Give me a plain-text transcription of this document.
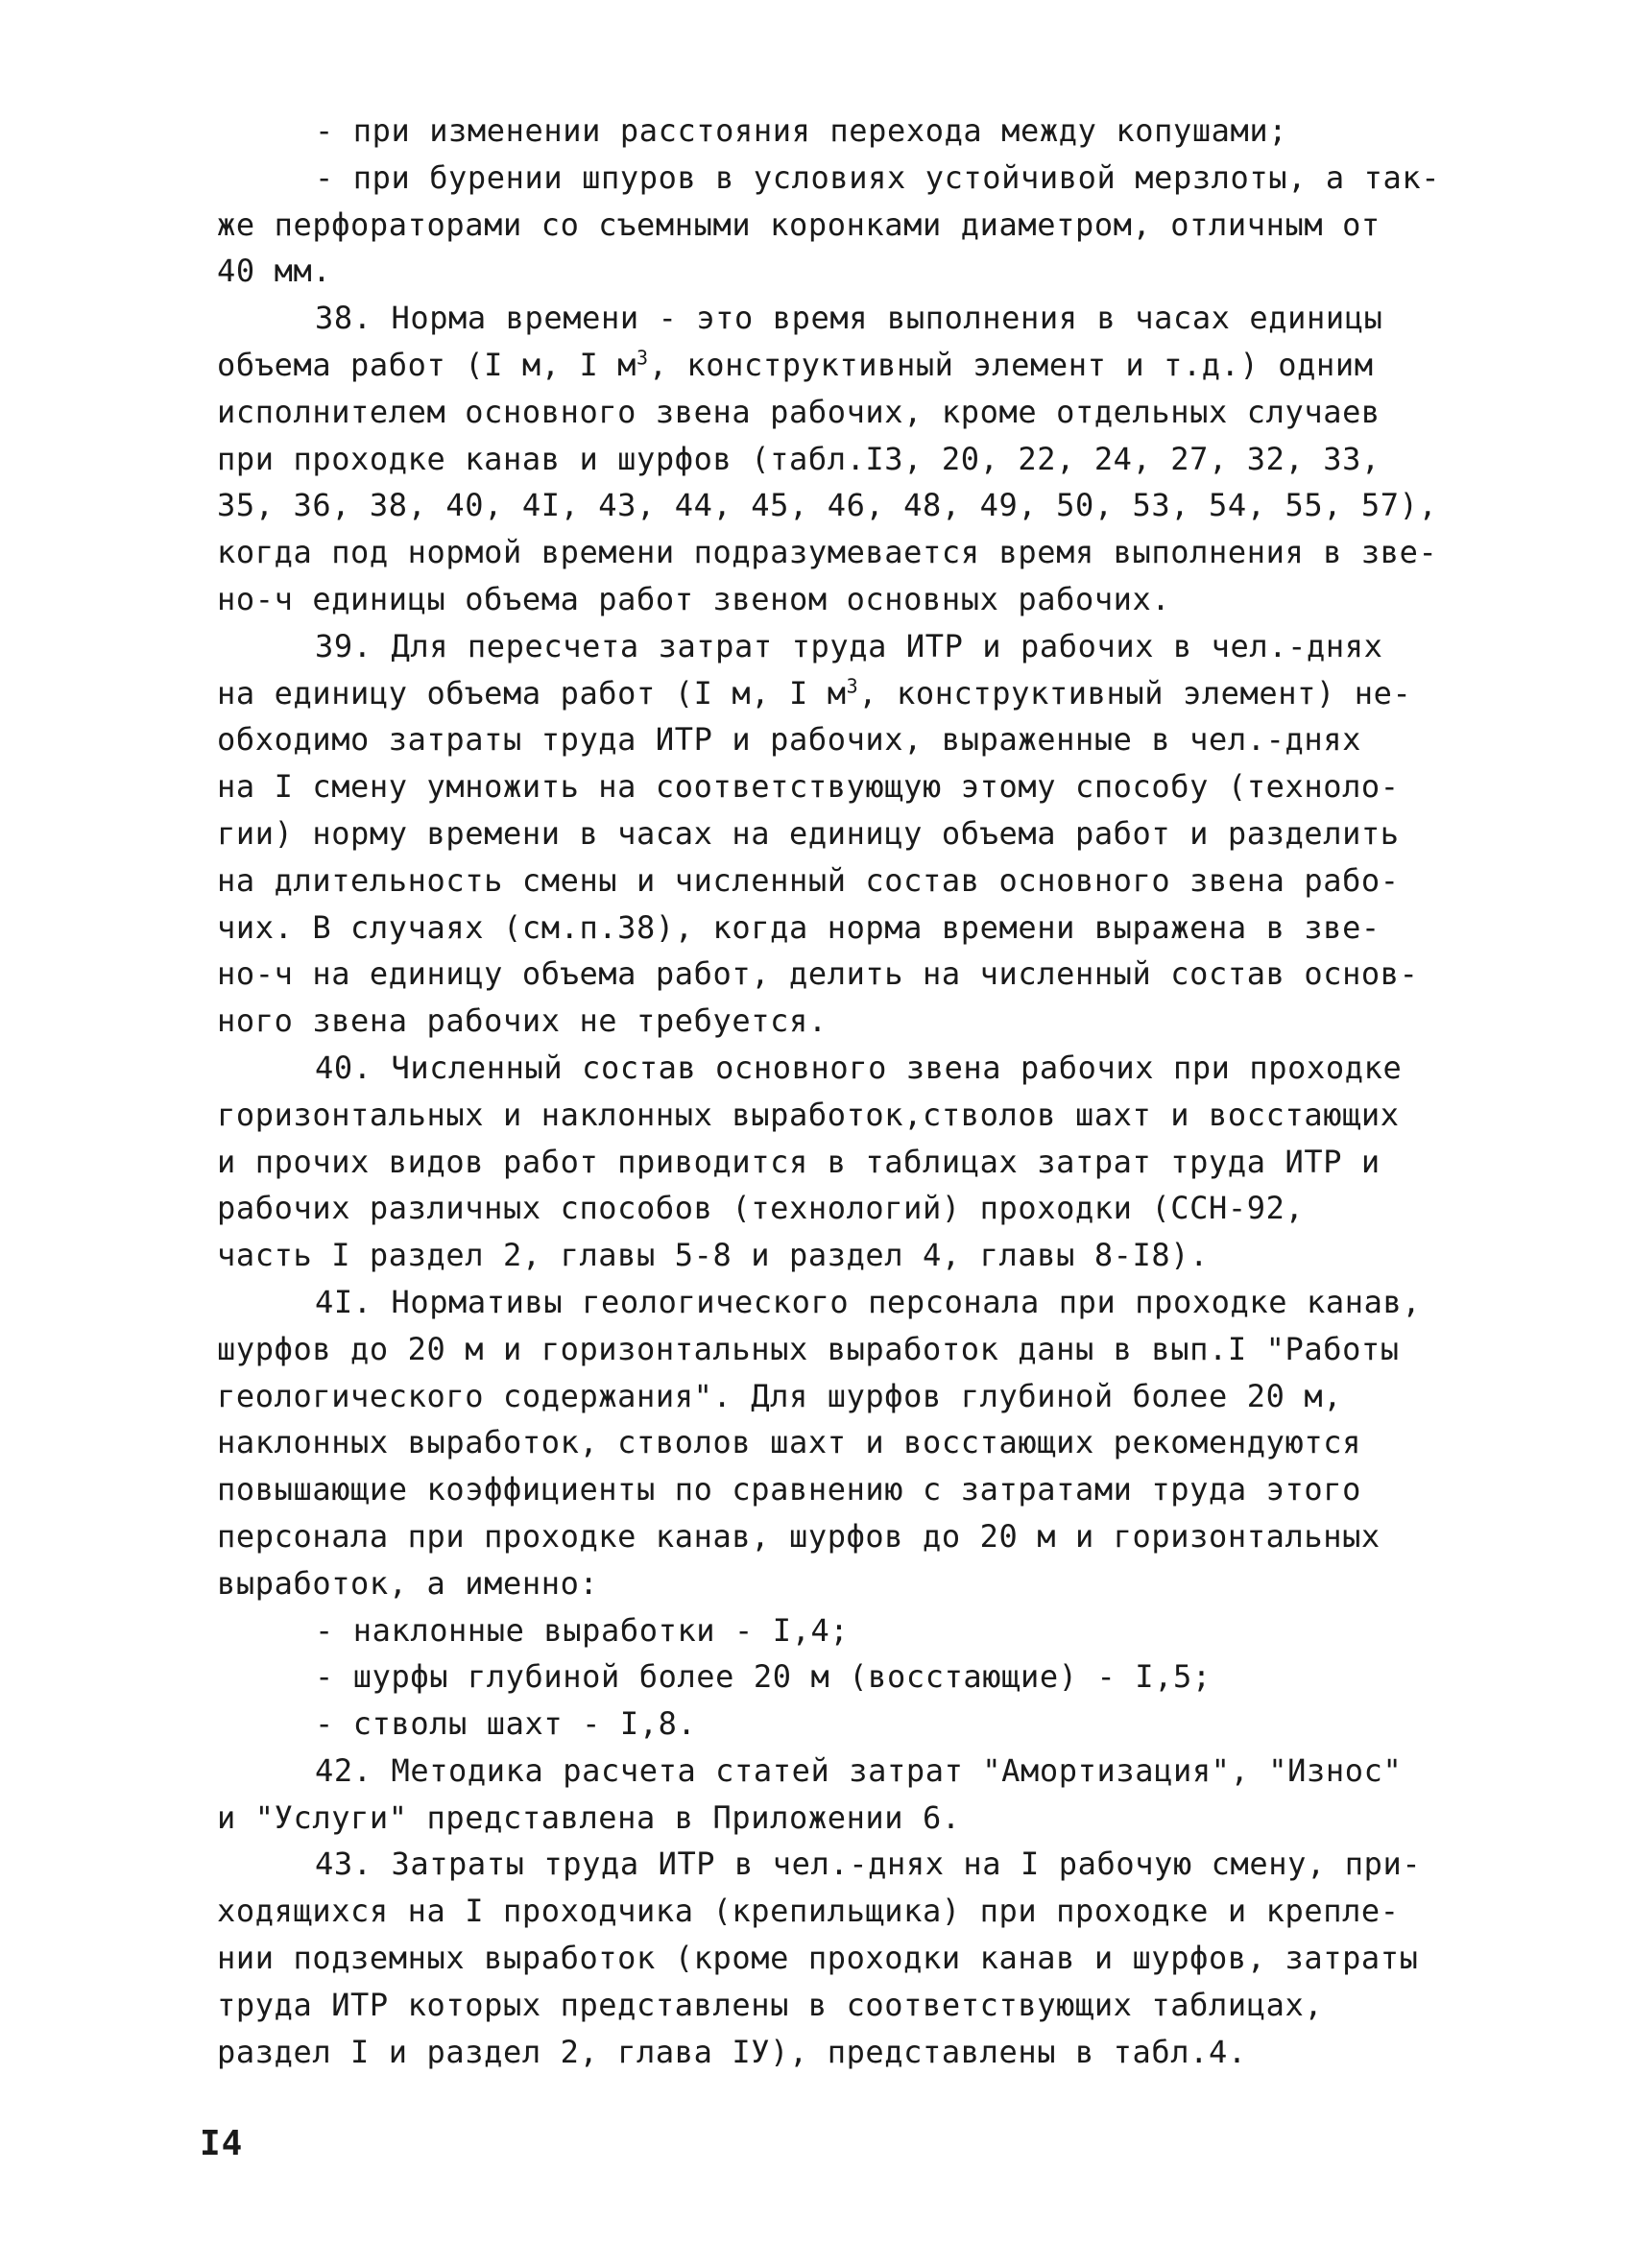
- при изменении расстояния перехода между копушами;
- при бурении шпуров в условиях устойчивой мерзлоты, а так-
же перфораторами со съемными коронками диаметром, отличным от
40 мм.
38. Норма времени - это время выполнения в часах единицы
объема работ (I м, I $м^3$, конструктивный элемент и т.д.) одним
исполнителем основного звена рабочих, кроме отдельных случаев
при проходке канав и шурфов (табл.I3, 20, 22, 24, 27, 32, 33,
35, 36, 38, 40, 4I, 43, 44, 45, 46, 48, 49, 50, 53, 54, 55, 57),
когда под нормой времени подразумевается время выполнения в зве-
но-ч единицы объема работ звеном основных рабочих.
39. Для пересчета затрат труда ИТР и рабочих в чел.-днях
на единицу объема работ (I м, I $м^3$, конструктивный элемент) не-
обходимо затраты труда ИТР и рабочих, выраженные в чел.-днях
на I смену умножить на соответствующую этому способу (техноло-
гии) норму времени в часах на единицу объема работ и разделить
на длительность смены и численный состав основного звена рабо-
чих. В случаях (см.п.38), когда норма времени выражена в зве-
но-ч на единицу объема работ, делить на численный состав основ-
ного звена рабочих не требуется.
40. Численный состав основного звена рабочих при проходке
горизонтальных и наклонных выработок,стволов шахт и восстающих
и прочих видов работ приводится в таблицах затрат труда ИТР и
рабочих различных способов (технологий) проходки (ССН-92,
часть I раздел 2, главы 5-8 и раздел 4, главы 8-I8).
4I. Нормативы геологического персонала при проходке канав,
шурфов до 20 м и горизонтальных выработок даны в вып.I "Работы
геологического содержания". Для шурфов глубиной более 20 м,
наклонных выработок, стволов шахт и восстающих рекомендуются
повышающие коэффициенты по сравнению с затратами труда этого
персонала при проходке канав, шурфов до 20 м и горизонтальных
выработок, а именно:
- наклонные выработки - I,4;
- шурфы глубиной более 20 м (восстающие) - I,5;
- стволы шахт - I,8.
42. Методика расчета статей затрат "Амортизация", "Износ"
и "Услуги" представлена в Приложении 6.
43. Затраты труда ИТР в чел.-днях на I рабочую смену, при-
ходящихся на I проходчика (крепильщика) при проходке и крепле-
нии подземных выработок (кроме проходки канав и шурфов, затраты
труда ИТР которых представлены в соответствующих таблицах,
раздел I и раздел 2, глава IУ), представлены в табл.4.
I4
